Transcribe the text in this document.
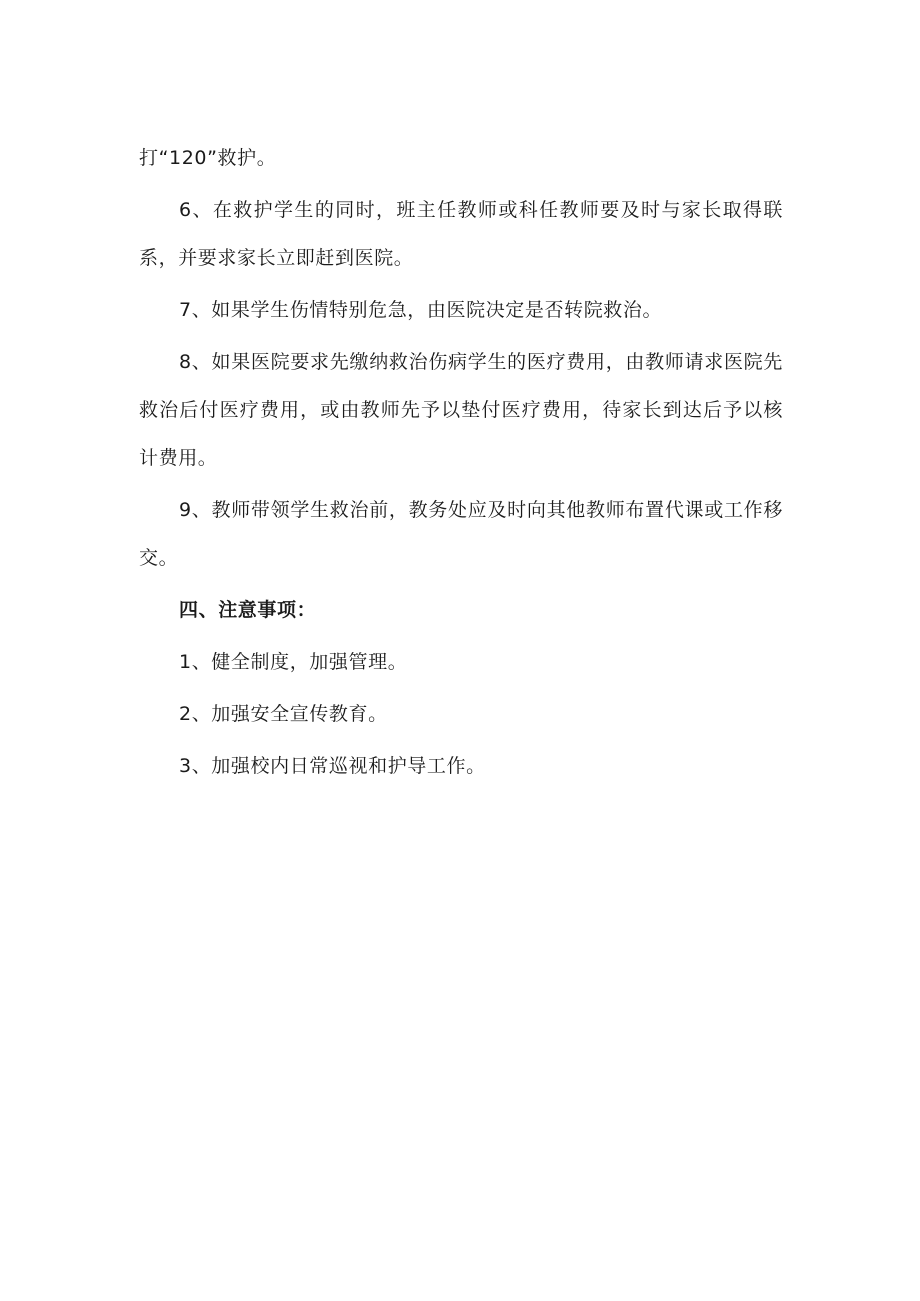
打“120”救护。

6、在救护学生的同时，班主任教师或科任教师要及时与家长取得联系，并要求家长立即赶到医院。

7、如果学生伤情特别危急，由医院决定是否转院救治。

8、如果医院要求先缴纳救治伤病学生的医疗费用，由教师请求医院先救治后付医疗费用，或由教师先予以垫付医疗费用，待家长到达后予以核计费用。

9、教师带领学生救治前，教务处应及时向其他教师布置代课或工作移交。

四、注意事项：

1、健全制度，加强管理。

2、加强安全宣传教育。

3、加强校内日常巡视和护导工作。
